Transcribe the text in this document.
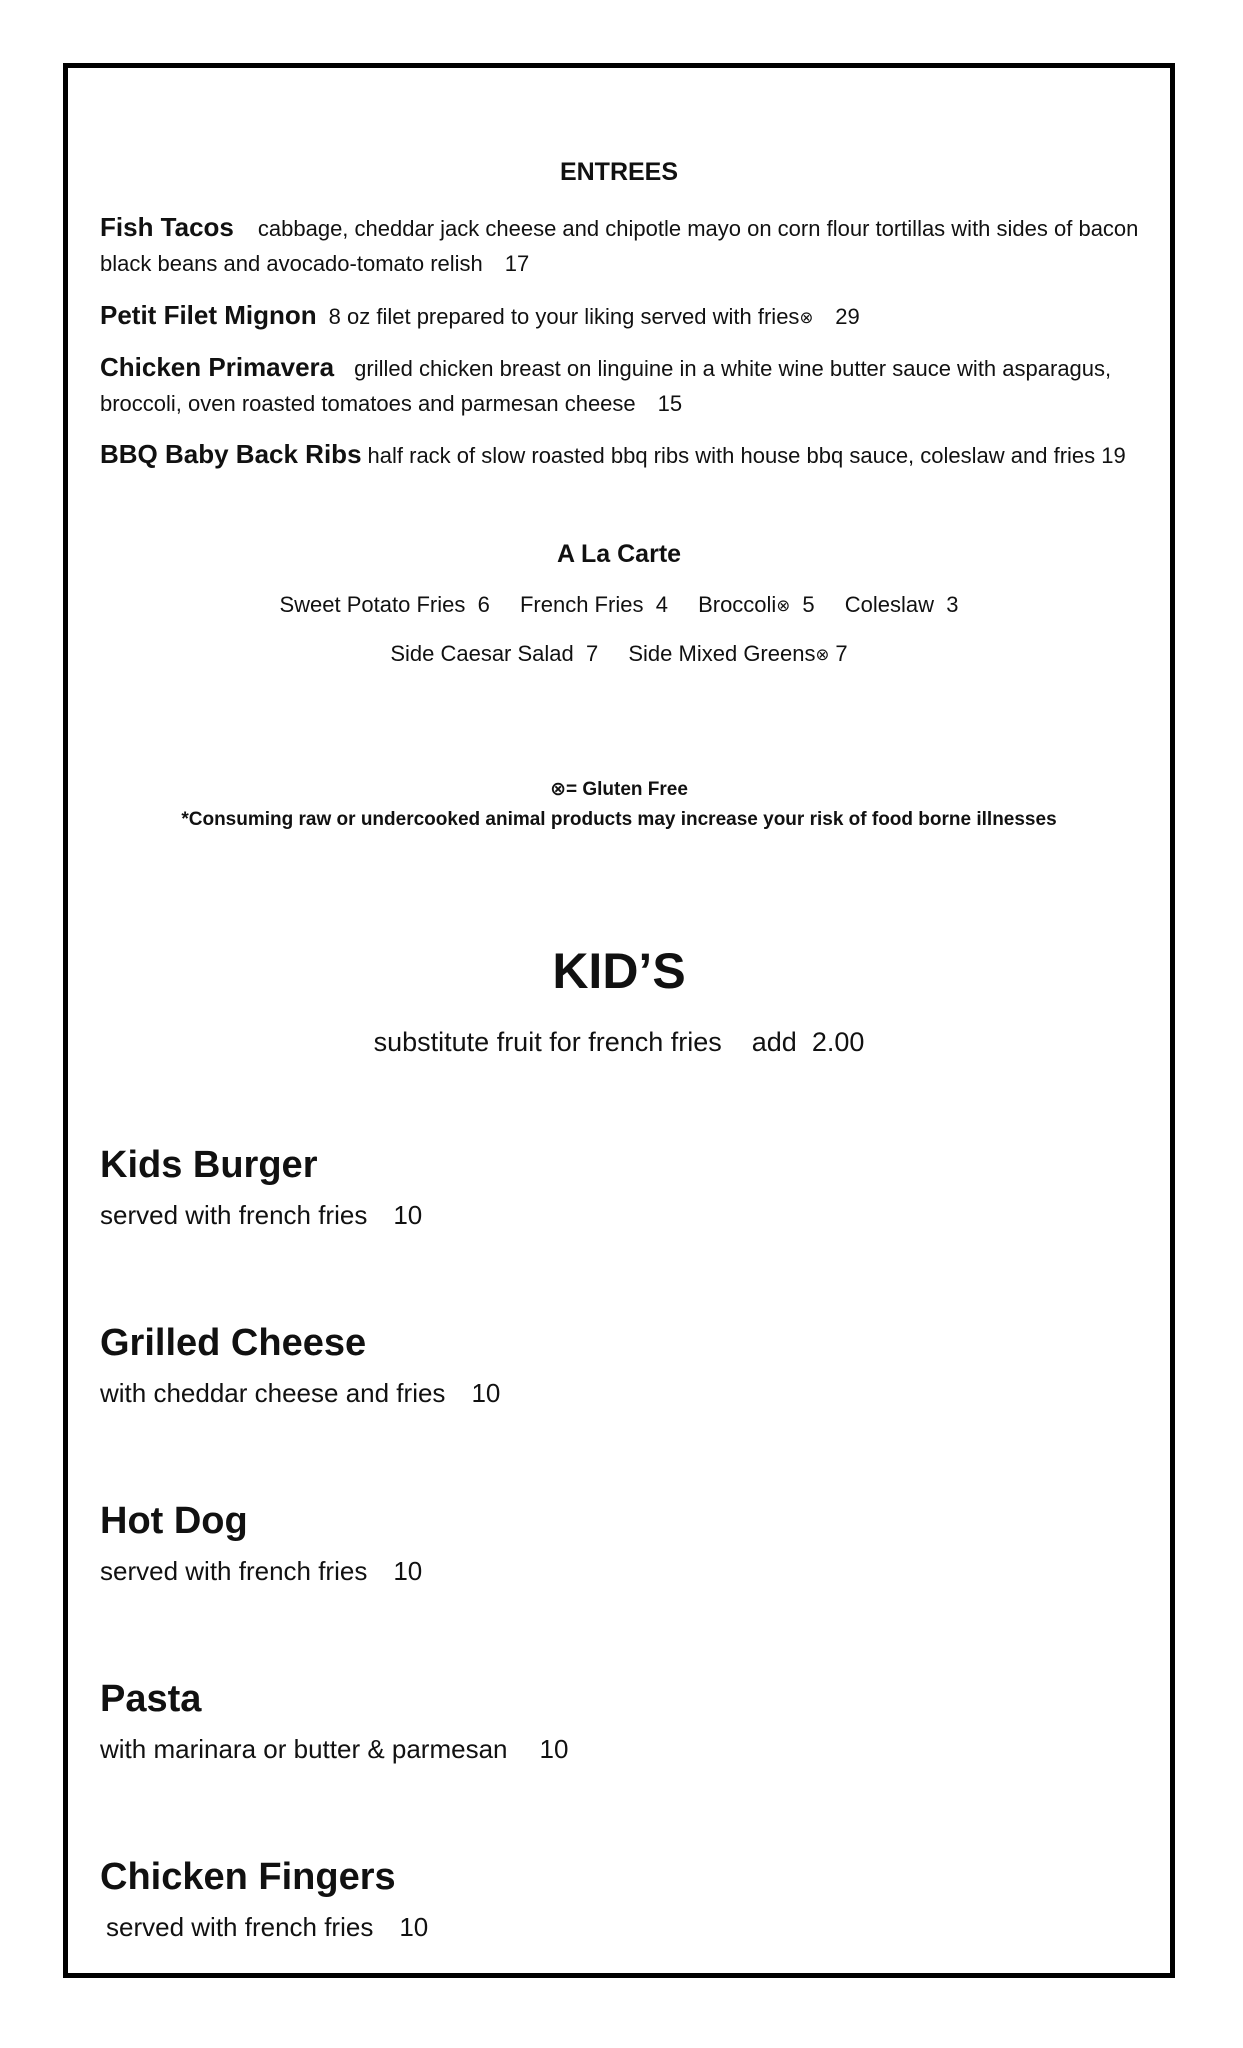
ENTREES
Fish Tacos cabbage, cheddar jack cheese and chipotle mayo on corn flour tortillas with sides of bacon black beans and avocado-tomato relish 17
Petit Filet Mignon 8 oz filet prepared to your liking served with fries⊗ 29
Chicken Primavera grilled chicken breast on linguine in a white wine butter sauce with asparagus, broccoli, oven roasted tomatoes and parmesan cheese 15
BBQ Baby Back Ribs half rack of slow roasted bbq ribs with house bbq sauce, coleslaw and fries 19
A La Carte
Sweet Potato Fries 6 French Fries 4 Broccoli⊗ 5 Coleslaw 3
Side Caesar Salad 7 Side Mixed Greens⊗ 7
⊗= Gluten Free
*Consuming raw or undercooked animal products may increase your risk of food borne illnesses
KID’S
substitute fruit for french fries    add  2.00
Kids Burger
served with french fries 10
Grilled Cheese
with cheddar cheese and fries 10
Hot Dog
served with french fries 10
Pasta
with marinara or butter & parmesan 10
Chicken Fingers
served with french fries 10
